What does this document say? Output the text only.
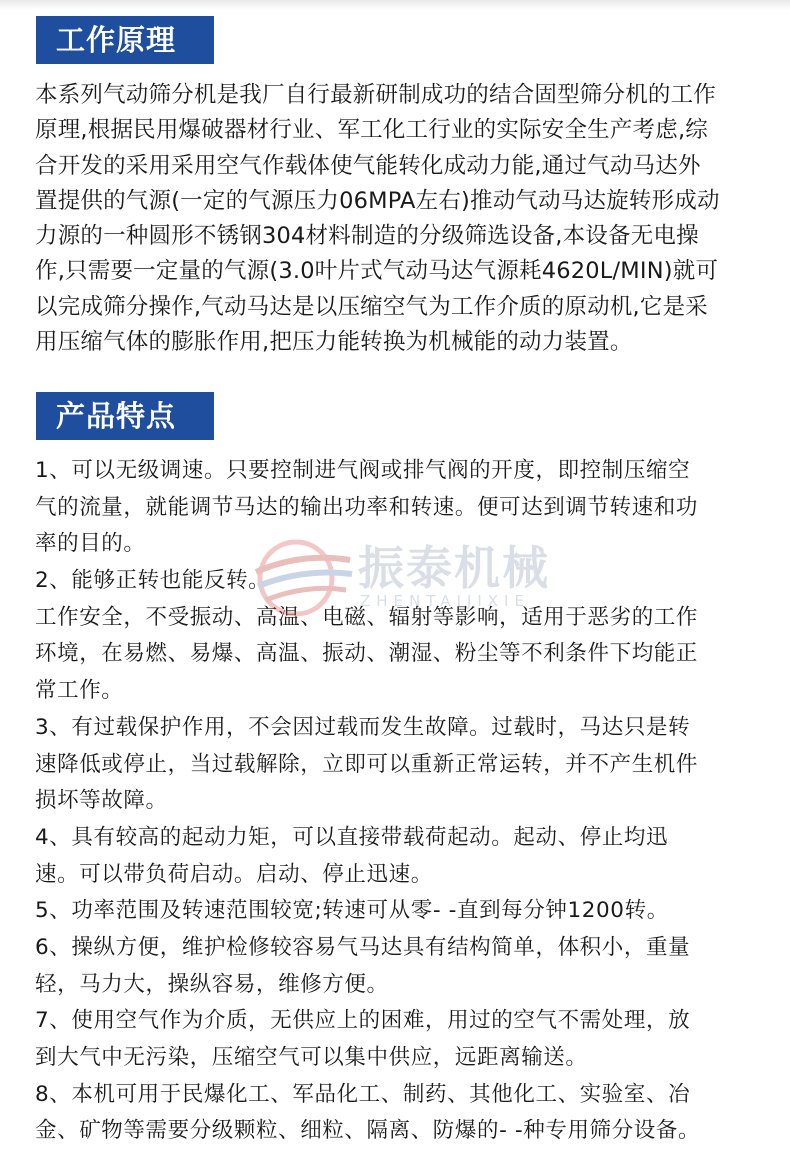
工作原理
本系列气动筛分机是我厂自行最新研制成功的结合固型筛分机的工作
原理,根据民用爆破器材行业、军工化工行业的实际安全生产考虑,综
合开发的采用采用空气作载体使气能转化成动力能,通过气动马达外
置提供的气源(一定的气源压力06MPA左右)推动气动马达旋转形成动
力源的一种圆形不锈钢304材料制造的分级筛选设备,本设备无电操
作,只需要一定量的气源(3.0叶片式气动马达气源耗4620L/MIN)就可
以完成筛分操作,气动马达是以压缩空气为工作介质的原动机,它是采
用压缩气体的膨胀作用,把压力能转换为机械能的动力装置。
产品特点
1、可以无级调速。只要控制进气阀或排气阀的开度，即控制压缩空
气的流量，就能调节马达的输出功率和转速。便可达到调节转速和功
率的目的。
2、能够正转也能反转。
工作安全，不受振动、高温、电磁、辐射等影响，适用于恶劣的工作
环境，在易燃、易爆、高温、振动、潮湿、粉尘等不利条件下均能正
常工作。
3、有过载保护作用，不会因过载而发生故障。过载时，马达只是转
速降低或停止，当过载解除，立即可以重新正常运转，并不产生机件
损坏等故障。
4、具有较高的起动力矩，可以直接带载荷起动。起动、停止均迅
速。可以带负荷启动。启动、停止迅速。
5、功率范围及转速范围较宽;转速可从零- -直到每分钟1200转。
6、操纵方便，维护检修较容易气马达具有结构简单，体积小，重量
轻，马力大，操纵容易，维修方便。
7、使用空气作为介质，无供应上的困难，用过的空气不需处理，放
到大气中无污染，压缩空气可以集中供应，远距离输送。
8、本机可用于民爆化工、军品化工、制药、其他化工、实验室、冶
金、矿物等需要分级颗粒、细粒、隔离、防爆的- -种专用筛分设备。
振泰机械
ZHENTAIJIXIE
